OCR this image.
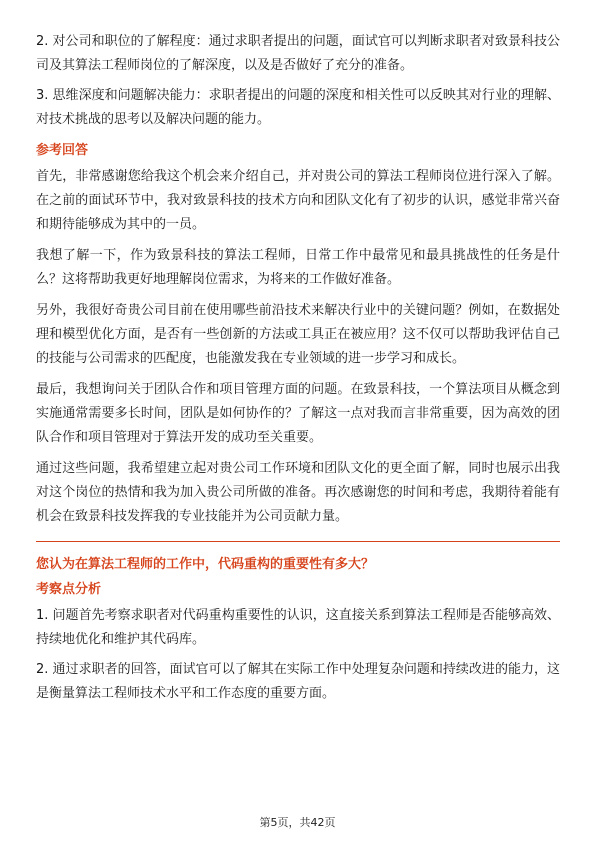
2. 对公司和职位的了解程度：通过求职者提出的问题，面试官可以判断求职者对致景科技公司及其算法工程师岗位的了解深度，以及是否做好了充分的准备。

3. 思维深度和问题解决能力：求职者提出的问题的深度和相关性可以反映其对行业的理解、对技术挑战的思考以及解决问题的能力。

参考回答

首先，非常感谢您给我这个机会来介绍自己，并对贵公司的算法工程师岗位进行深入了解。在之前的面试环节中，我对致景科技的技术方向和团队文化有了初步的认识，感觉非常兴奋和期待能够成为其中的一员。

我想了解一下，作为致景科技的算法工程师，日常工作中最常见和最具挑战性的任务是什么？这将帮助我更好地理解岗位需求，为将来的工作做好准备。

另外，我很好奇贵公司目前在使用哪些前沿技术来解决行业中的关键问题？例如，在数据处理和模型优化方面，是否有一些创新的方法或工具正在被应用？这不仅可以帮助我评估自己的技能与公司需求的匹配度，也能激发我在专业领域的进一步学习和成长。

最后，我想询问关于团队合作和项目管理方面的问题。在致景科技，一个算法项目从概念到实施通常需要多长时间，团队是如何协作的？了解这一点对我而言非常重要，因为高效的团队合作和项目管理对于算法开发的成功至关重要。

通过这些问题，我希望建立起对贵公司工作环境和团队文化的更全面了解，同时也展示出我对这个岗位的热情和我为加入贵公司所做的准备。再次感谢您的时间和考虑，我期待着能有机会在致景科技发挥我的专业技能并为公司贡献力量。

您认为在算法工程师的工作中，代码重构的重要性有多大？
考察点分析

1. 问题首先考察求职者对代码重构重要性的认识，这直接关系到算法工程师是否能够高效、持续地优化和维护其代码库。

2. 通过求职者的回答，面试官可以了解其在实际工作中处理复杂问题和持续改进的能力，这是衡量算法工程师技术水平和工作态度的重要方面。

第5页，共42页
